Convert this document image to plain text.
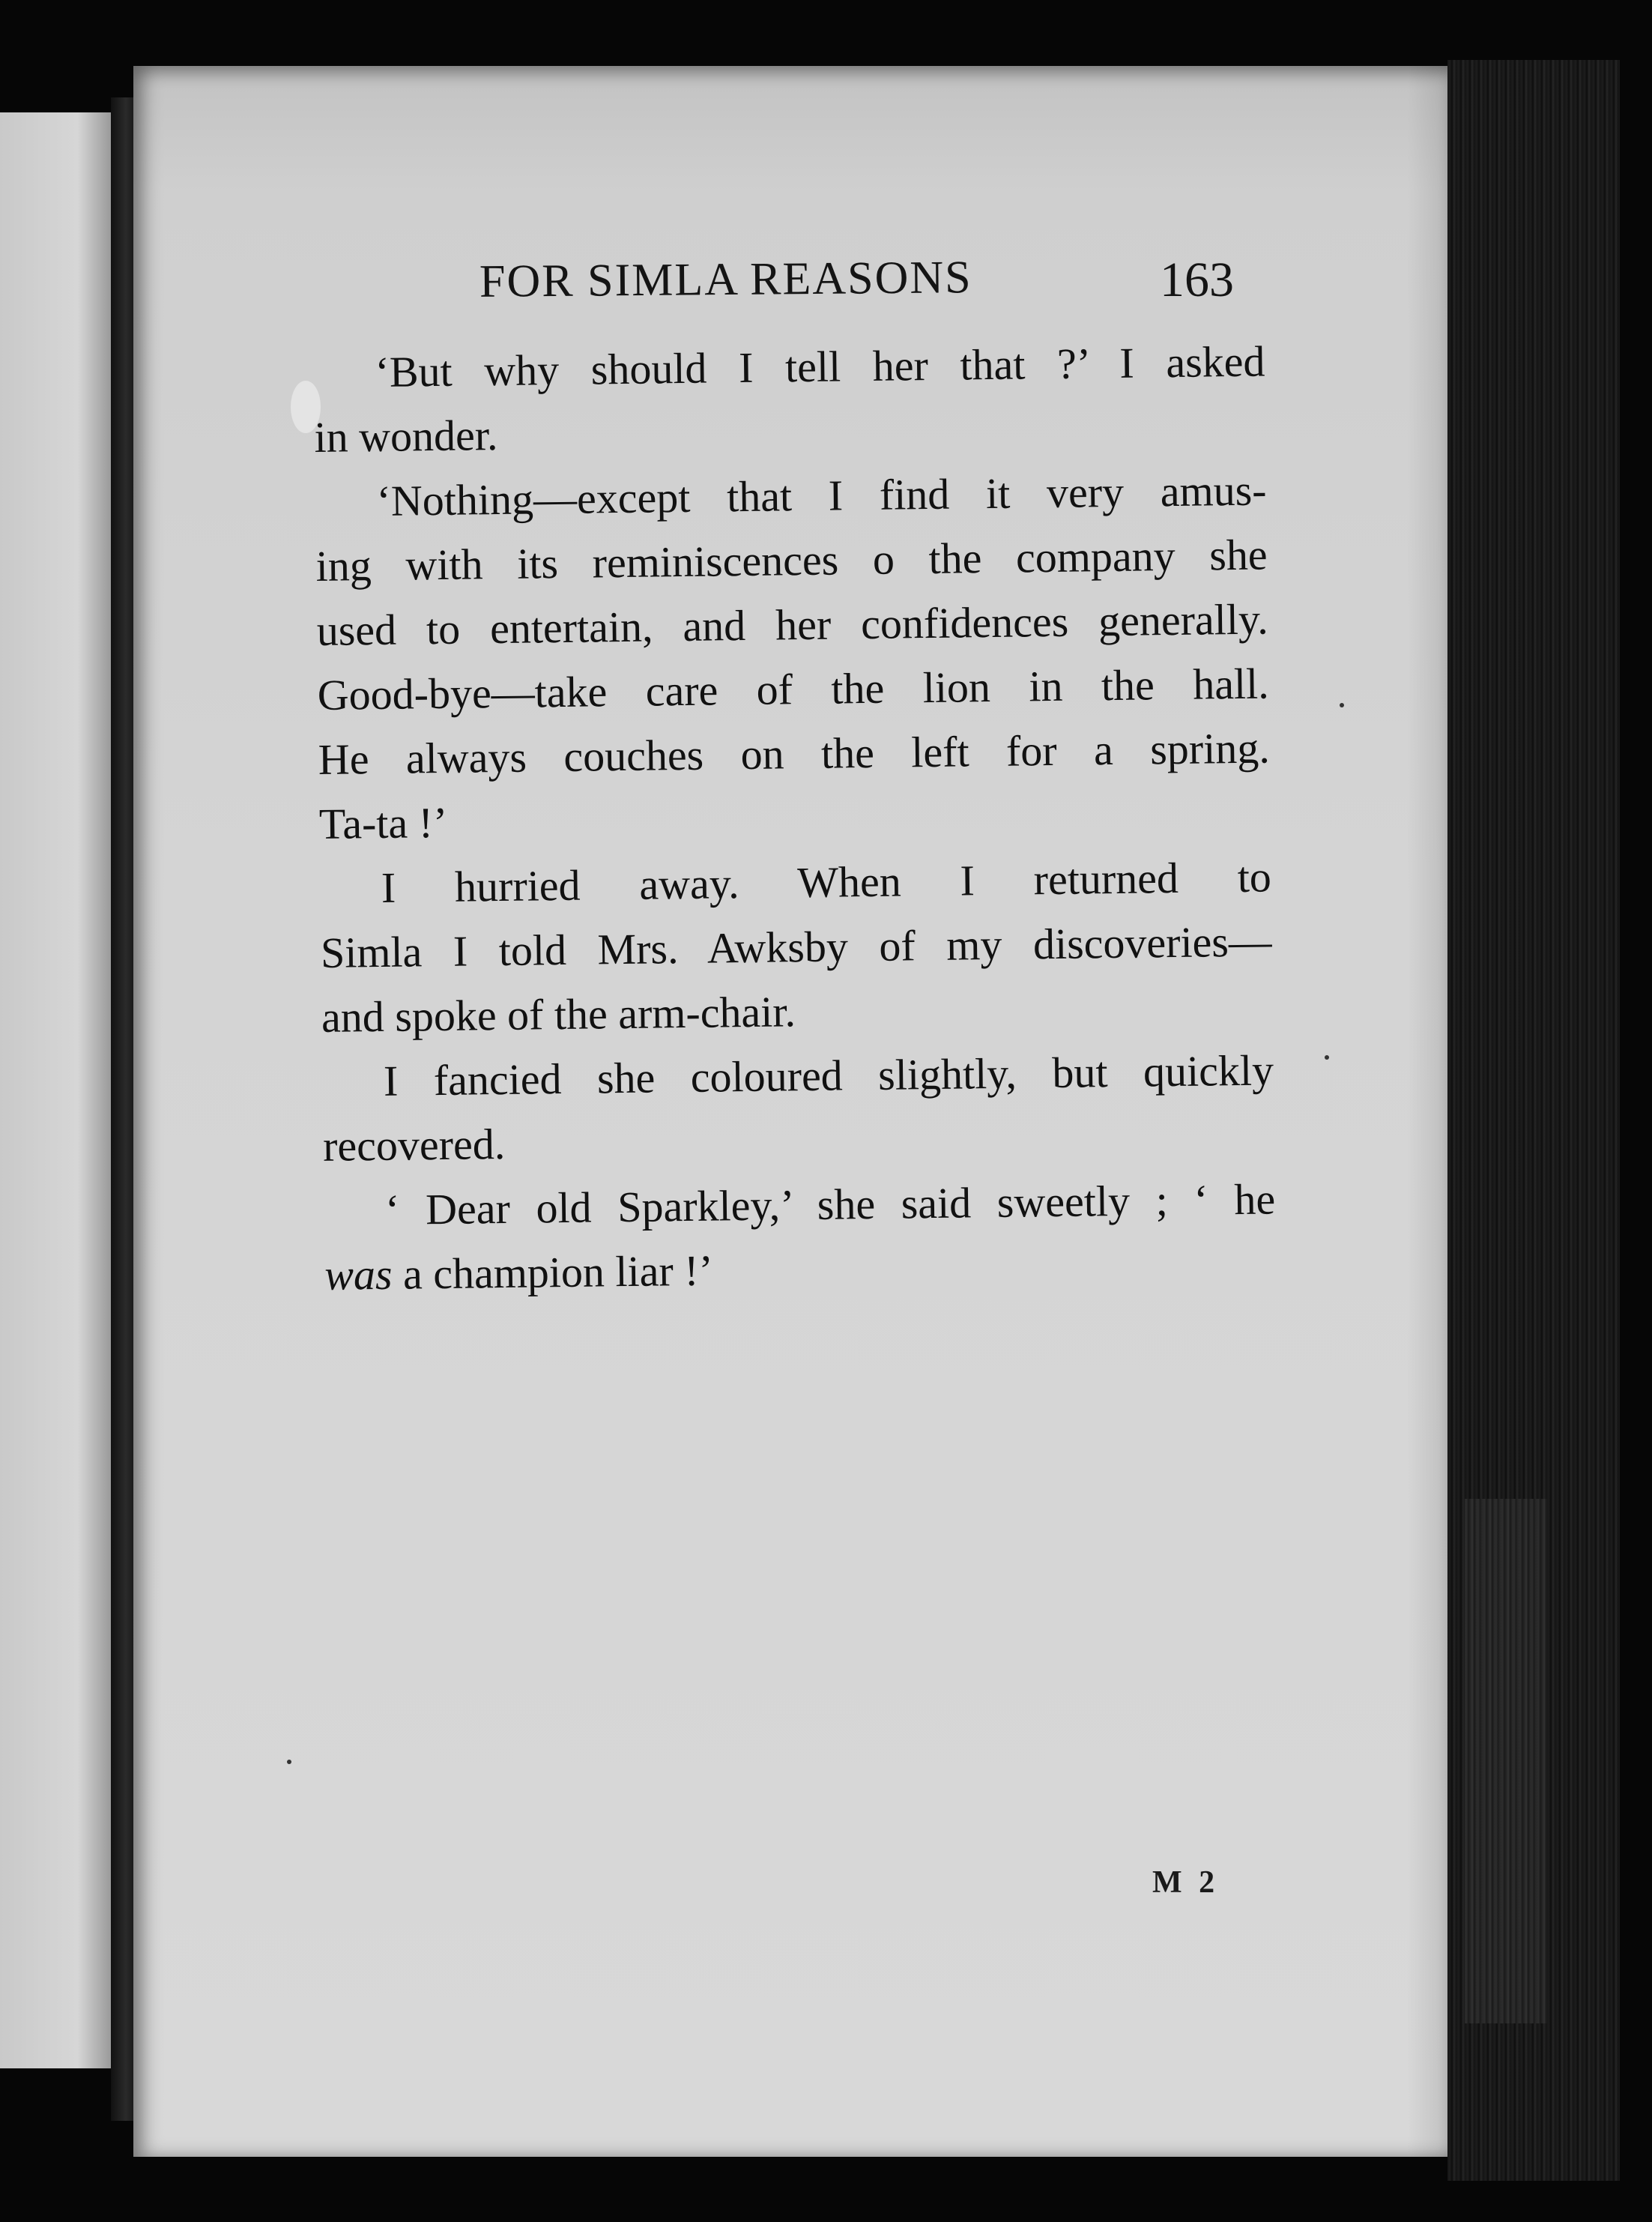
FOR SIMLA REASONS	163
‘But why should I tell her that ?’ I asked
in wonder.
‘Nothing—except that I find it very amus-
ing with its reminiscences o the company she
used to entertain, and her confidences generally.
Good-bye—take care of the lion in the hall.
He always couches on the left for a spring.
Ta-ta !’
I hurried away. When I returned to
Simla I told Mrs. Awksby of my discoveries—
and spoke of the arm-chair.
I fancied she coloured slightly, but quickly
recovered.
‘ Dear old Sparkley,’ she said sweetly ; ‘ he
was a champion liar !’
M 2
